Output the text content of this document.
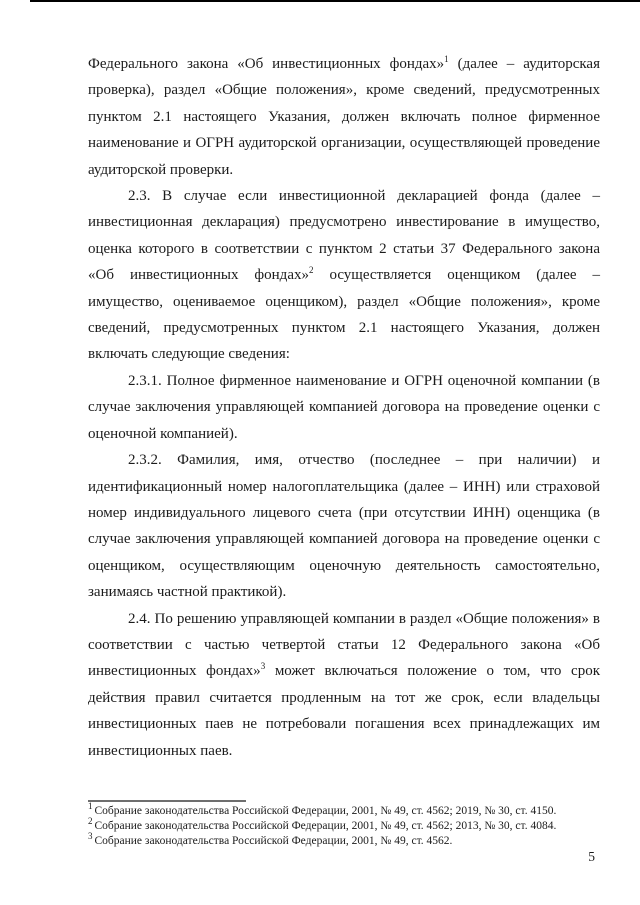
Федерального закона «Об инвестиционных фондах»$^1$ (далее – аудиторская проверка), раздел «Общие положения», кроме сведений, предусмотренных пунктом 2.1 настоящего Указания, должен включать полное фирменное наименование и ОГРН аудиторской организации, осуществляющей проведение аудиторской проверки.

2.3. В случае если инвестиционной декларацией фонда (далее – инвестиционная декларация) предусмотрено инвестирование в имущество, оценка которого в соответствии с пунктом 2 статьи 37 Федерального закона «Об инвестиционных фондах»$^2$ осуществляется оценщиком (далее – имущество, оцениваемое оценщиком), раздел «Общие положения», кроме сведений, предусмотренных пунктом 2.1 настоящего Указания, должен включать следующие сведения:

2.3.1. Полное фирменное наименование и ОГРН оценочной компании (в случае заключения управляющей компанией договора на проведение оценки с оценочной компанией).

2.3.2. Фамилия, имя, отчество (последнее – при наличии) и идентификационный номер налогоплательщика (далее – ИНН) или страховой номер индивидуального лицевого счета (при отсутствии ИНН) оценщика (в случае заключения управляющей компанией договора на проведение оценки с оценщиком, осуществляющим оценочную деятельность самостоятельно, занимаясь частной практикой).

2.4. По решению управляющей компании в раздел «Общие положения» в соответствии с частью четвертой статьи 12 Федерального закона «Об инвестиционных фондах»$^3$ может включаться положение о том, что срок действия правил считается продленным на тот же срок, если владельцы инвестиционных паев не потребовали погашения всех принадлежащих им инвестиционных паев.

$^1$ Собрание законодательства Российской Федерации, 2001, № 49, ст. 4562; 2019, № 30, ст. 4150.

$^2$ Собрание законодательства Российской Федерации, 2001, № 49, ст. 4562; 2013, № 30, ст. 4084.

$^3$ Собрание законодательства Российской Федерации, 2001, № 49, ст. 4562.

5
